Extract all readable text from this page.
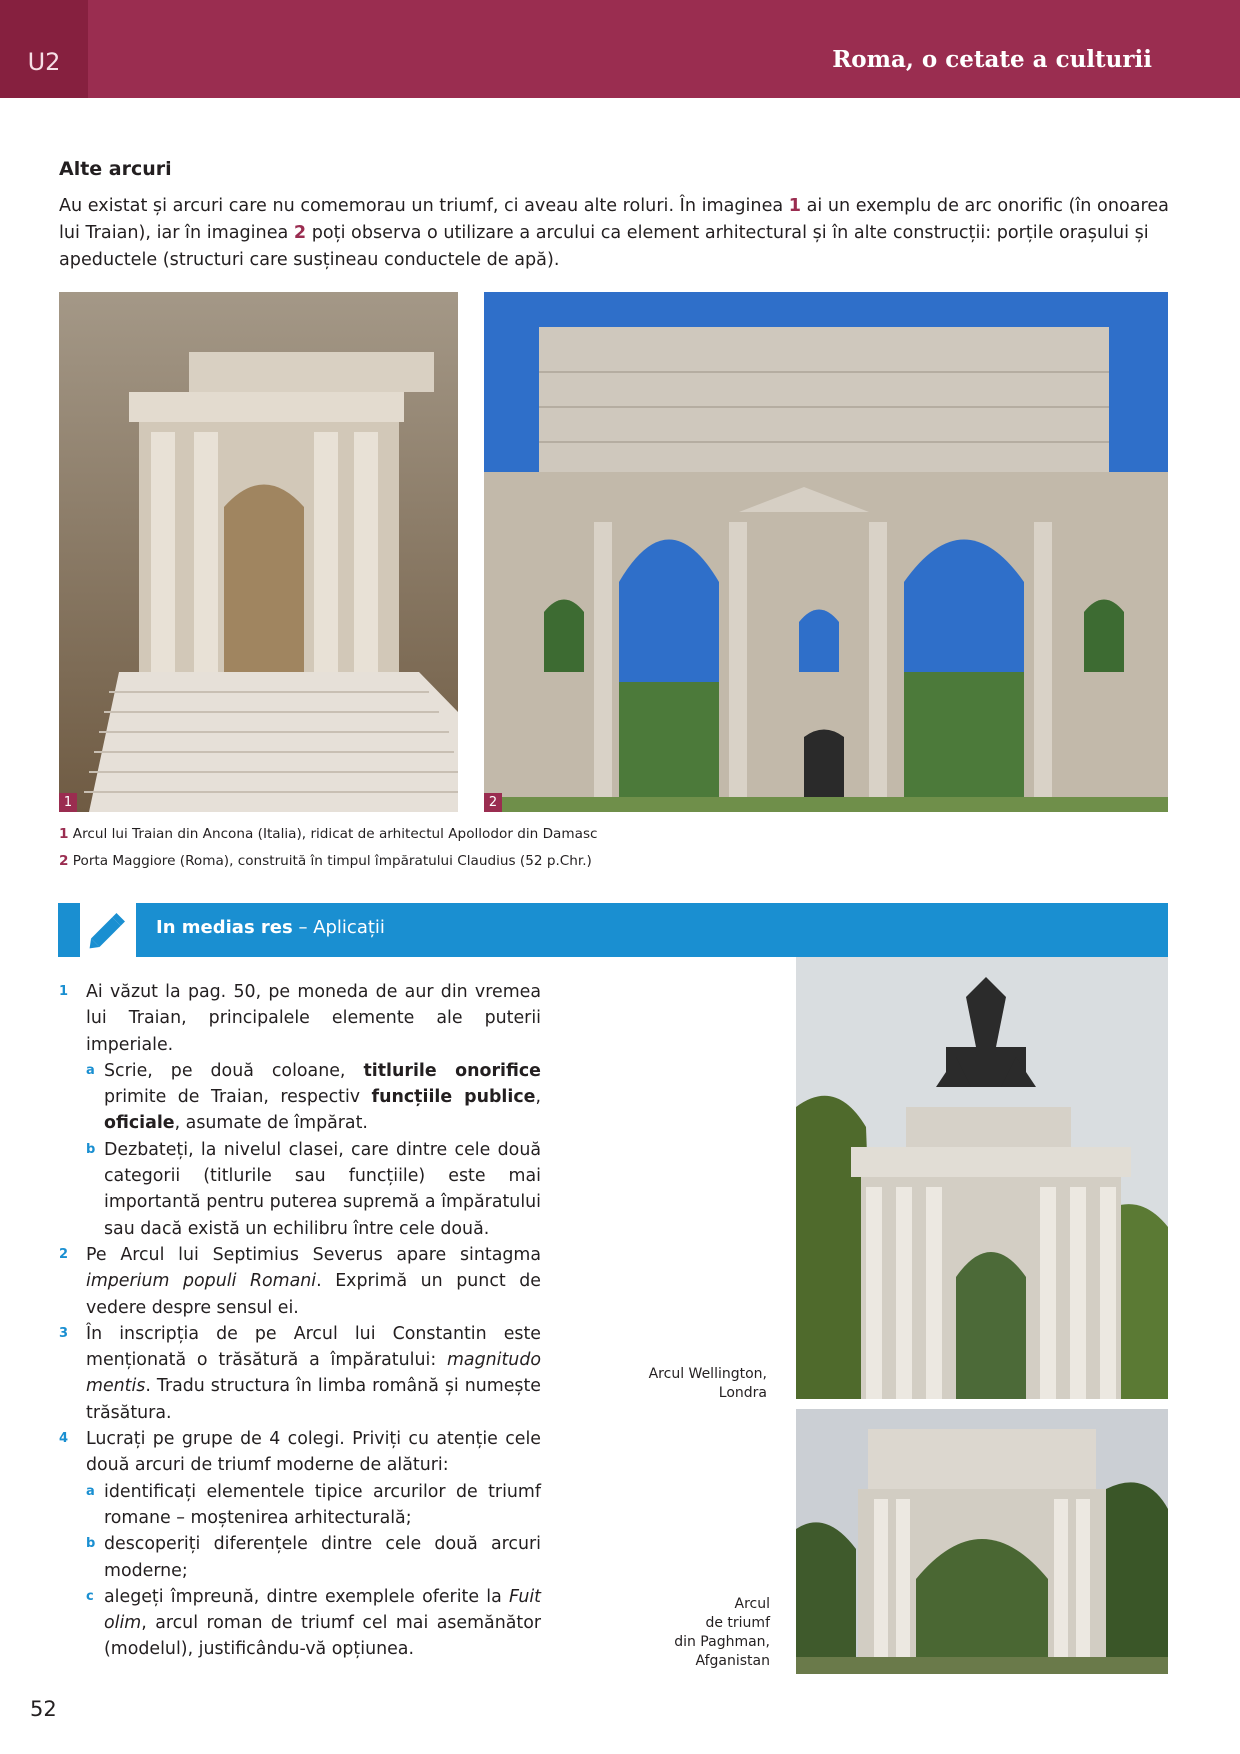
U2	Roma, o cetate a culturii
Alte arcuri

Au existat și arcuri care nu comemorau un triumf, ci aveau alte roluri. În imaginea 1 ai un exemplu de arc onorific (în onoarea lui Traian), iar în imaginea 2 poți observa o utilizare a arcului ca element arhitectural și în alte construcții: porțile orașului și apeductele (structuri care susțineau conductele de apă).

1	2
1 Arcul lui Traian din Ancona (Italia), ridicat de arhitectul Apollodor din Damasc
2 Porta Maggiore (Roma), construită în timpul împăratului Claudius (52 p.Chr.)
In medias res – Aplicații
1 Ai văzut la pag. 50, pe moneda de aur din vremea lui Traian, principalele elemente ale puterii imperiale.
a Scrie, pe două coloane, titlurile onorifice primite de Traian, respectiv funcțiile publice, oficiale, asumate de împărat.
b Dezbateți, la nivelul clasei, care dintre cele două categorii (titlurile sau funcțiile) este mai importantă pentru puterea supremă a împăratului sau dacă există un echilibru între cele două.
2 Pe Arcul lui Septimius Severus apare sintagma imperium populi Romani. Exprimă un punct de vedere despre sensul ei.
3 În inscripția de pe Arcul lui Constantin este menționată o trăsătură a împăratului: magnitudo mentis. Tradu structura în limba română și numește trăsătura.
4 Lucrați pe grupe de 4 colegi. Priviți cu atenție cele două arcuri de triumf moderne de alături:
a identificați elementele tipice arcurilor de triumf romane – moștenirea arhitecturală;
b descoperiți diferențele dintre cele două arcuri moderne;
c alegeți împreună, dintre exemplele oferite la Fuit olim, arcul roman de triumf cel mai asemănător (modelul), justificându-vă opțiunea.
Arcul Wellington,
Londra
Arcul
de triumf
din Paghman,
Afganistan
52
